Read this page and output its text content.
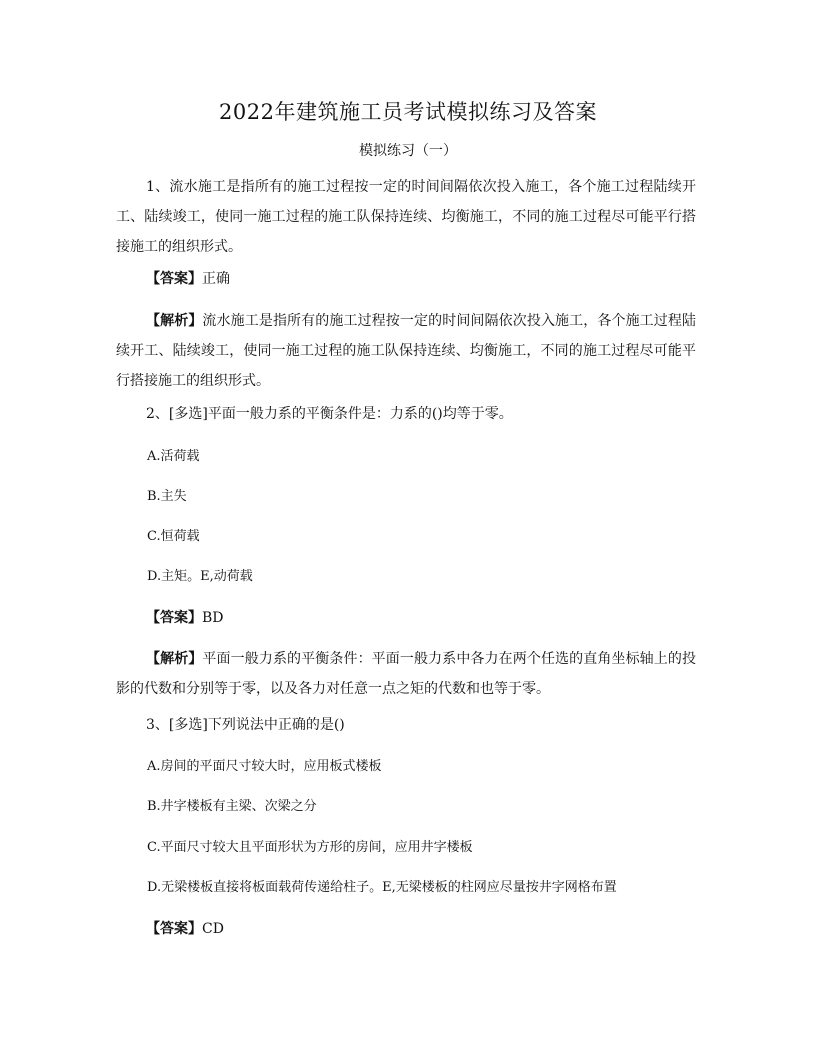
2022年建筑施工员考试模拟练习及答案
模拟练习（一）

1、流水施工是指所有的施工过程按一定的时间间隔依次投入施工，各个施工过程陆续开工、陆续竣工，使同一施工过程的施工队保持连续、均衡施工，不同的施工过程尽可能平行搭接施工的组织形式。

【答案】正确

【解析】流水施工是指所有的施工过程按一定的时间间隔依次投入施工，各个施工过程陆续开工、陆续竣工，使同一施工过程的施工队保持连续、均衡施工，不同的施工过程尽可能平行搭接施工的组织形式。

2、[多选]平面一般力系的平衡条件是：力系的()均等于零。

A.活荷载

B.主失

C.恒荷载

D.主矩。E,动荷载

【答案】BD

【解析】平面一般力系的平衡条件：平面一般力系中各力在两个任选的直角坐标轴上的投影的代数和分别等于零，以及各力对任意一点之矩的代数和也等于零。

3、[多选]下列说法中正确的是()

A.房间的平面尺寸较大时，应用板式楼板

B.井字楼板有主梁、次梁之分

C.平面尺寸较大且平面形状为方形的房间，应用井字楼板

D.无梁楼板直接将板面载荷传递给柱子。E,无梁楼板的柱网应尽量按井字网格布置

【答案】CD
